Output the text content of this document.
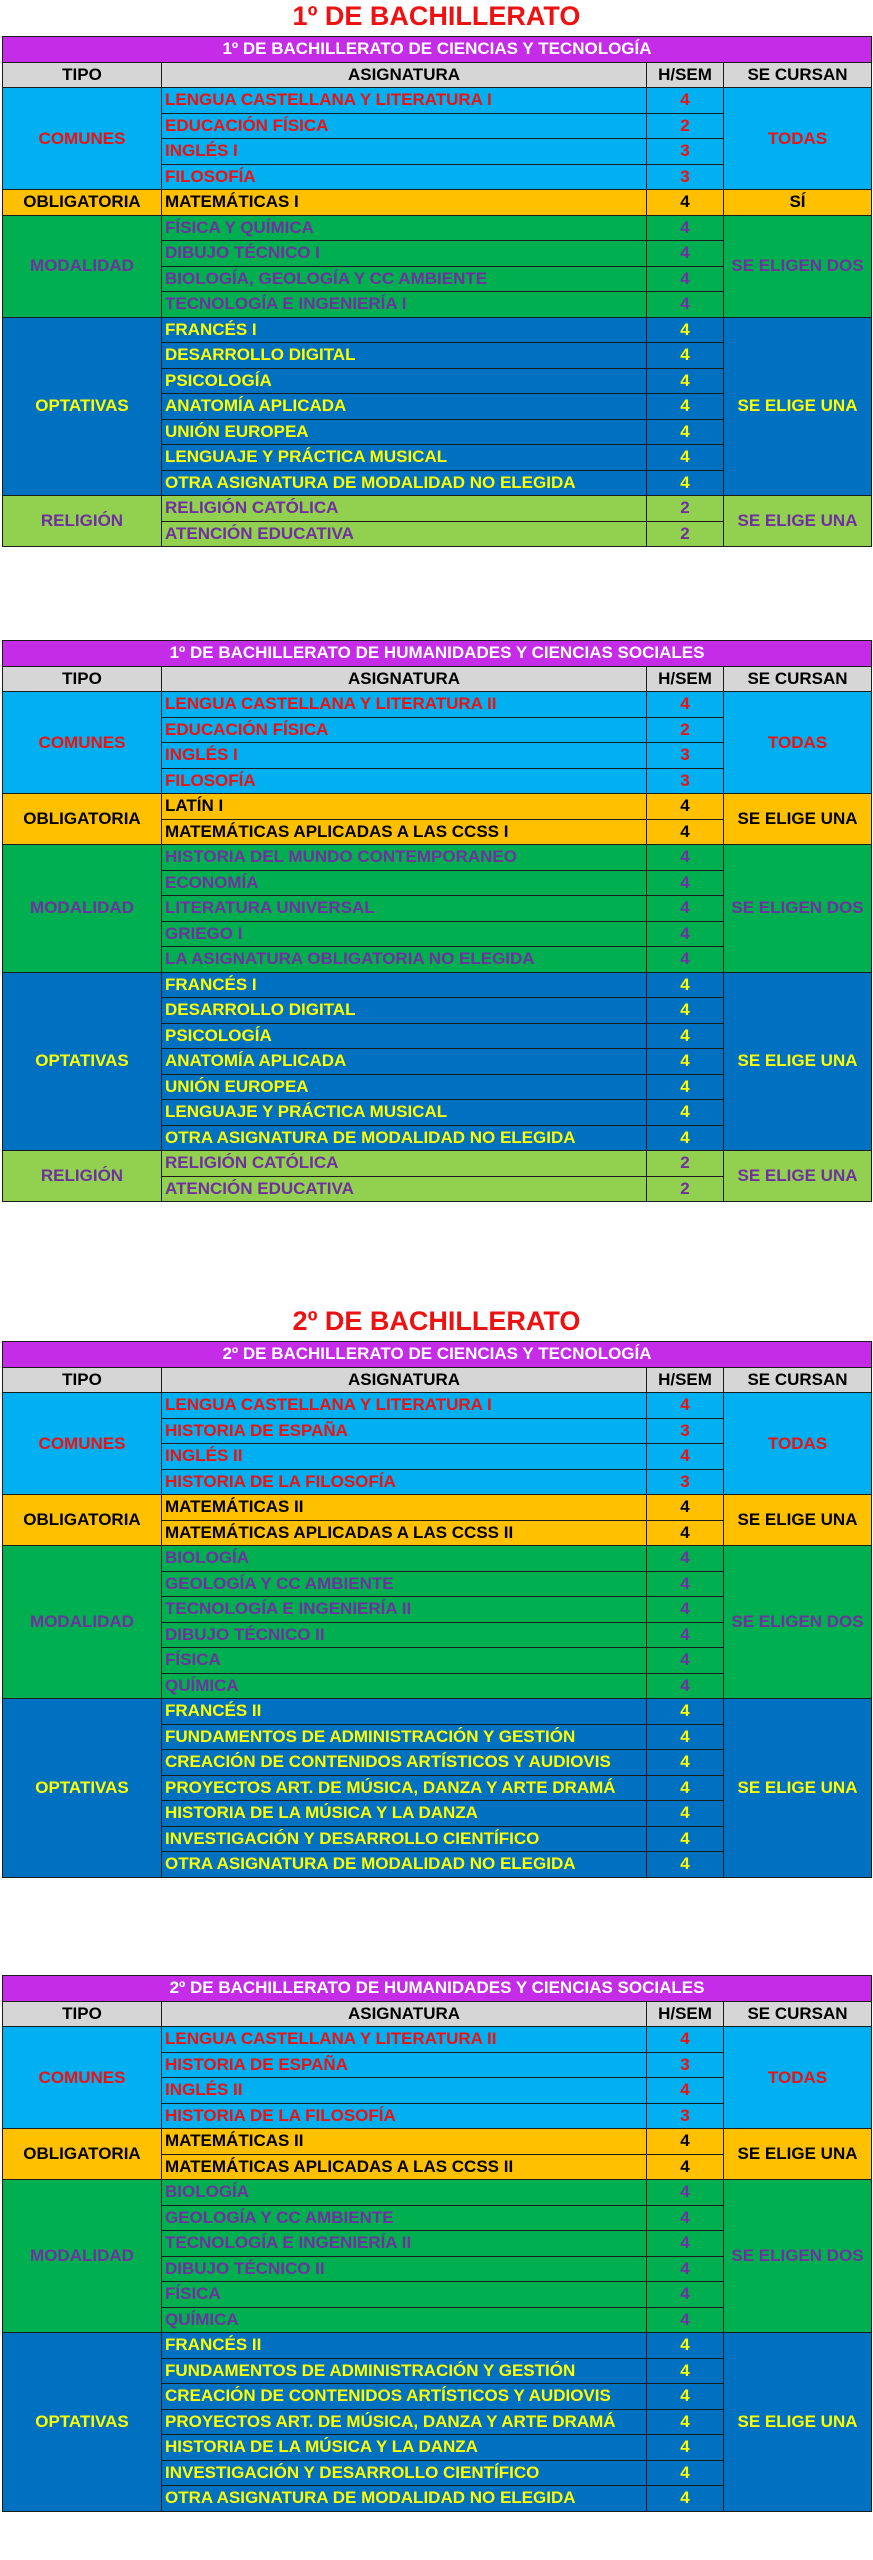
1º DE BACHILLERATO
1º DE BACHILLERATO DE CIENCIAS Y TECNOLOGÍA			
TIPO	ASIGNATURA	H/SEM	SE CURSAN
COMUNES	LENGUA CASTELLANA Y LITERATURA I	4	TODAS
	EDUCACIÓN FÍSICA	2	
	INGLÉS I	3	
	FILOSOFÍA	3	
OBLIGATORIA	MATEMÁTICAS I	4	SÍ
MODALIDAD	FÍSICA Y QUÍMICA	4	SE ELIGEN DOS
	DIBUJO TÉCNICO I	4	
	BIOLOGÍA, GEOLOGÍA Y CC AMBIENTE	4	
	TECNOLOGÍA E INGENIERÍA I	4	
OPTATIVAS	FRANCÉS I	4	SE ELIGE UNA
	DESARROLLO DIGITAL	4	
	PSICOLOGÍA	4	
	ANATOMÍA APLICADA	4	
	UNIÓN EUROPEA	4	
	LENGUAJE Y PRÁCTICA MUSICAL	4	
	OTRA ASIGNATURA DE MODALIDAD NO ELEGIDA	4	
RELIGIÓN	RELIGIÓN CATÓLICA	2	SE ELIGE UNA
	ATENCIÓN EDUCATIVA	2	
1º DE BACHILLERATO DE HUMANIDADES Y CIENCIAS SOCIALES			
TIPO	ASIGNATURA	H/SEM	SE CURSAN
COMUNES	LENGUA CASTELLANA Y LITERATURA II	4	TODAS
	EDUCACIÓN FÍSICA	2	
	INGLÉS I	3	
	FILOSOFÍA	3	
OBLIGATORIA	LATÍN I	4	SE ELIGE UNA
	MATEMÁTICAS APLICADAS A LAS CCSS I	4	
MODALIDAD	HISTORIA DEL MUNDO CONTEMPORANEO	4	SE ELIGEN DOS
	ECONOMÍA	4	
	LITERATURA UNIVERSAL	4	
	GRIEGO I	4	
	LA ASIGNATURA OBLIGATORIA NO ELEGIDA	4	
OPTATIVAS	FRANCÉS I	4	SE ELIGE UNA
	DESARROLLO DIGITAL	4	
	PSICOLOGÍA	4	
	ANATOMÍA APLICADA	4	
	UNIÓN EUROPEA	4	
	LENGUAJE Y PRÁCTICA MUSICAL	4	
	OTRA ASIGNATURA DE MODALIDAD NO ELEGIDA	4	
RELIGIÓN	RELIGIÓN CATÓLICA	2	SE ELIGE UNA
	ATENCIÓN EDUCATIVA	2	
2º DE BACHILLERATO
2º DE BACHILLERATO DE CIENCIAS Y TECNOLOGÍA			
TIPO	ASIGNATURA	H/SEM	SE CURSAN
COMUNES	LENGUA CASTELLANA Y LITERATURA I	4	TODAS
	HISTORIA DE ESPAÑA	3	
	INGLÉS II	4	
	HISTORIA DE LA FILOSOFÍA	3	
OBLIGATORIA	MATEMÁTICAS II	4	SE ELIGE UNA
	MATEMÁTICAS APLICADAS A LAS CCSS II	4	
MODALIDAD	BIOLOGÍA	4	SE ELIGEN DOS
	GEOLOGÍA Y CC AMBIENTE	4	
	TECNOLOGÍA E INGENIERÍA II	4	
	DIBUJO TÉCNICO II	4	
	FÍSICA	4	
	QUÍMICA	4	
OPTATIVAS	FRANCÉS II	4	SE ELIGE UNA
	FUNDAMENTOS DE ADMINISTRACIÓN Y GESTIÓN	4	
	CREACIÓN DE CONTENIDOS ARTÍSTICOS Y AUDIOVIS	4	
	PROYECTOS ART. DE MÚSICA, DANZA Y ARTE DRAMÁ	4	
	HISTORIA DE LA MÚSICA Y LA DANZA	4	
	INVESTIGACIÓN Y DESARROLLO CIENTÍFICO	4	
	OTRA ASIGNATURA DE MODALIDAD NO ELEGIDA	4	
2º DE BACHILLERATO DE HUMANIDADES Y CIENCIAS SOCIALES			
TIPO	ASIGNATURA	H/SEM	SE CURSAN
COMUNES	LENGUA CASTELLANA Y LITERATURA II	4	TODAS
	HISTORIA DE ESPAÑA	3	
	INGLÉS II	4	
	HISTORIA DE LA FILOSOFÍA	3	
OBLIGATORIA	MATEMÁTICAS II	4	SE ELIGE UNA
	MATEMÁTICAS APLICADAS A LAS CCSS II	4	
MODALIDAD	BIOLOGÍA	4	SE ELIGEN DOS
	GEOLOGÍA Y CC AMBIENTE	4	
	TECNOLOGÍA E INGENIERÍA II	4	
	DIBUJO TÉCNICO II	4	
	FÍSICA	4	
	QUÍMICA	4	
OPTATIVAS	FRANCÉS II	4	SE ELIGE UNA
	FUNDAMENTOS DE ADMINISTRACIÓN Y GESTIÓN	4	
	CREACIÓN DE CONTENIDOS ARTÍSTICOS Y AUDIOVIS	4	
	PROYECTOS ART. DE MÚSICA, DANZA Y ARTE DRAMÁ	4	
	HISTORIA DE LA MÚSICA Y LA DANZA	4	
	INVESTIGACIÓN Y DESARROLLO CIENTÍFICO	4	
	OTRA ASIGNATURA DE MODALIDAD NO ELEGIDA	4	
